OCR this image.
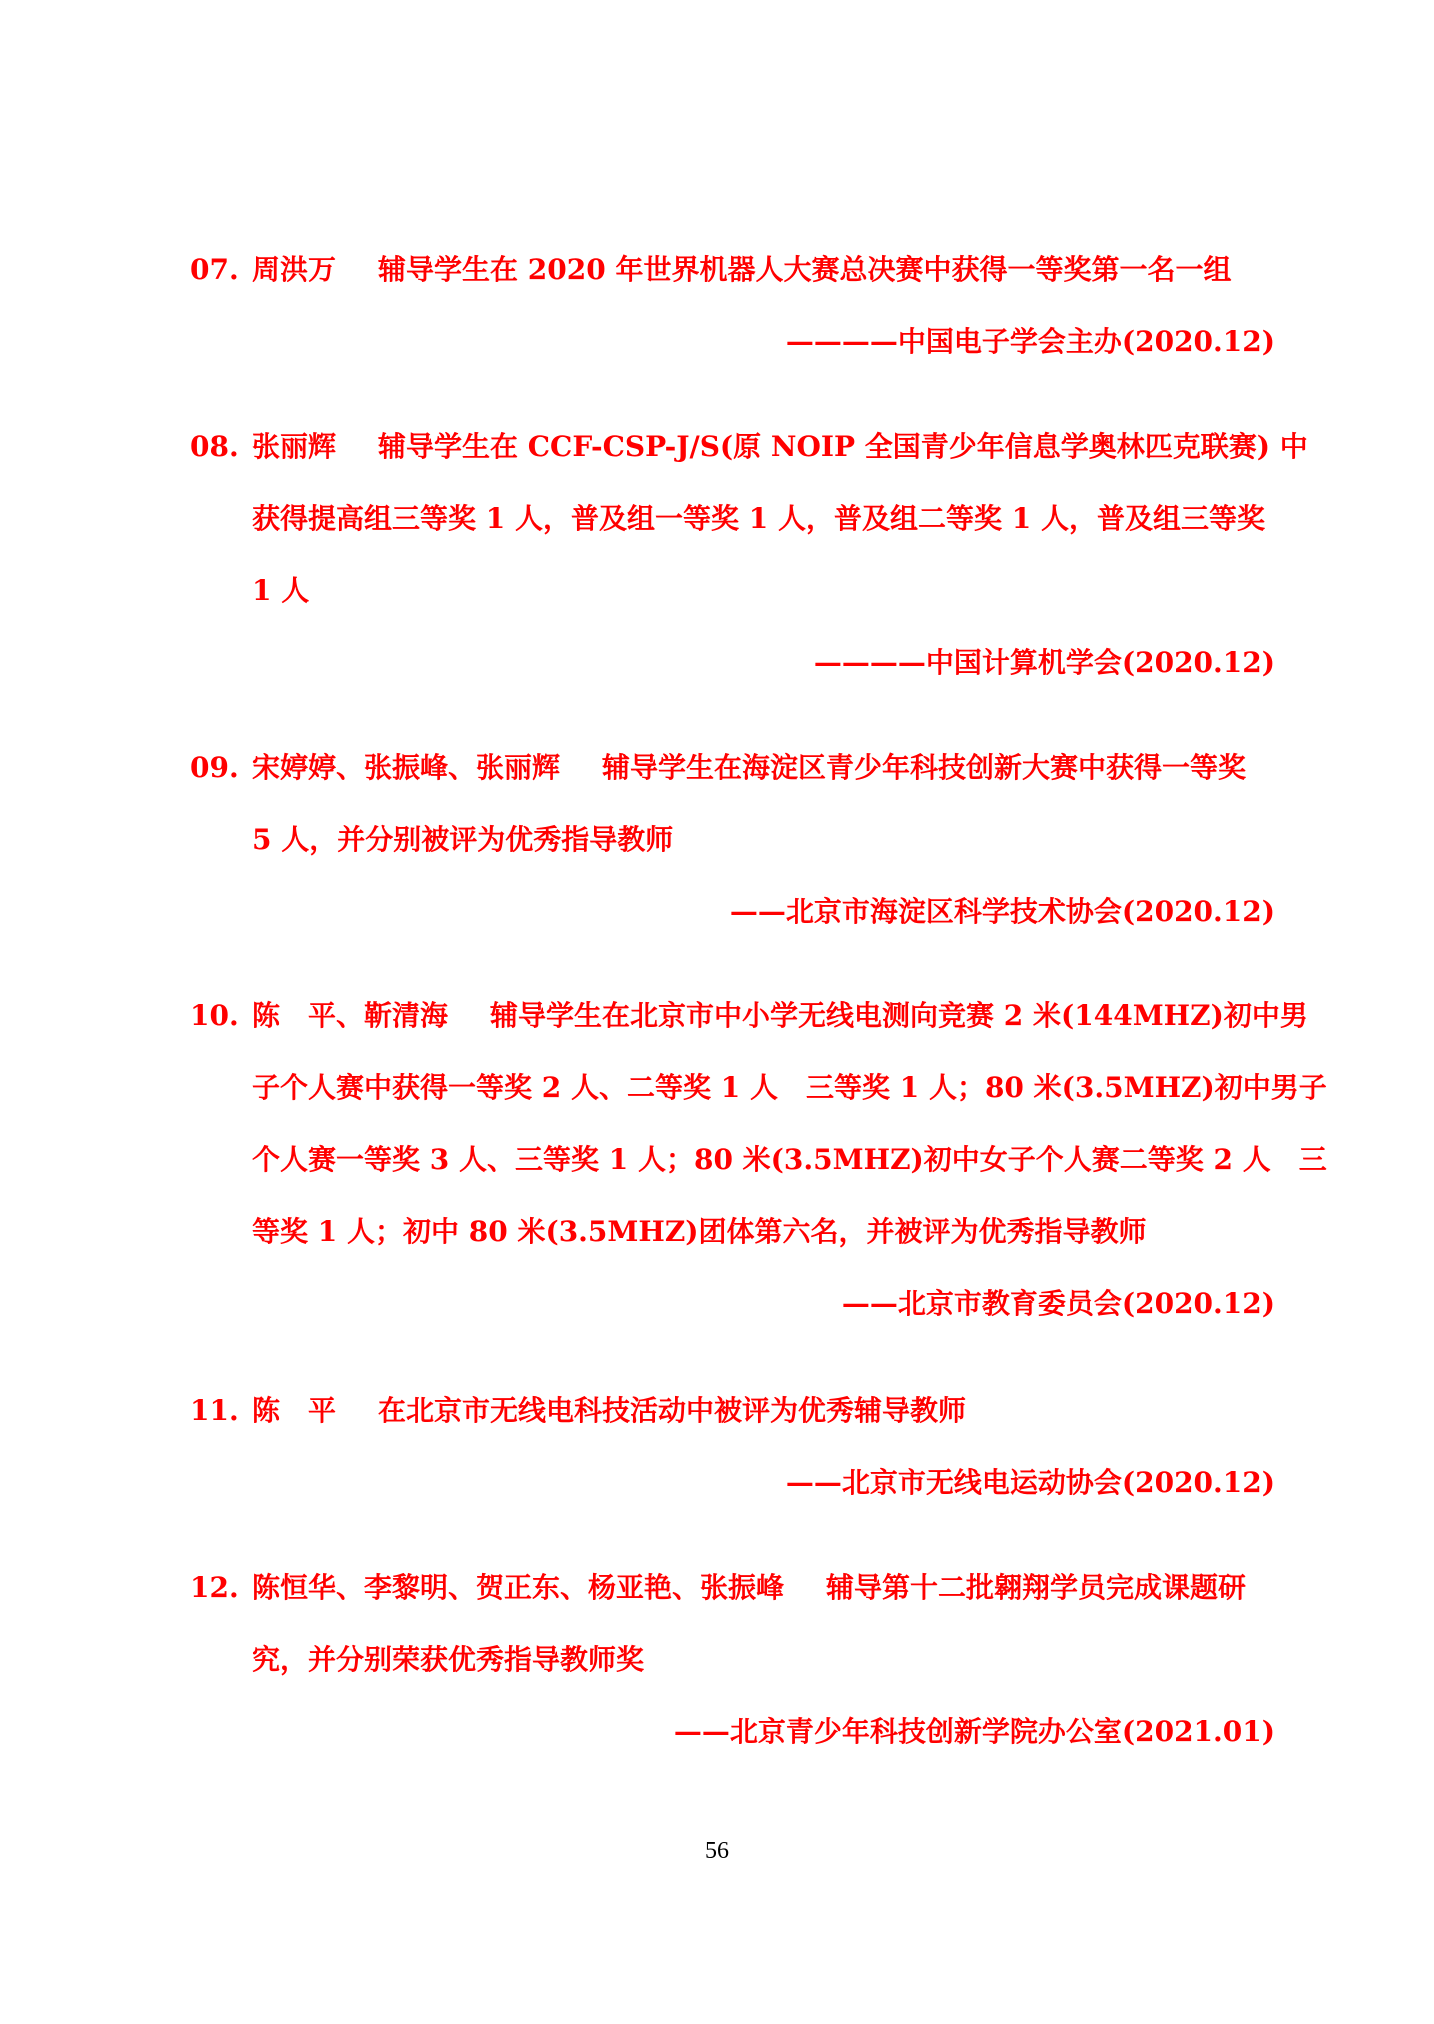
07. 周洪万 辅导学生在 2020 年世界机器人大赛总决赛中获得一等奖第一名一组
————中国电子学会主办(2020.12)
08. 张丽辉 辅导学生在 CCF-CSP-J/S(原 NOIP 全国青少年信息学奥林匹克联赛) 中
获得提高组三等奖 1 人，普及组一等奖 1 人，普及组二等奖 1 人，普及组三等奖
1 人
————中国计算机学会(2020.12)
09. 宋婷婷、张振峰、张丽辉 辅导学生在海淀区青少年科技创新大赛中获得一等奖
5 人，并分别被评为优秀指导教师
——北京市海淀区科学技术协会(2020.12)
10. 陈　平、靳清海 辅导学生在北京市中小学无线电测向竞赛 2 米(144MHZ)初中男
子个人赛中获得一等奖 2 人、二等奖 1 人　三等奖 1 人；80 米(3.5MHZ)初中男子
个人赛一等奖 3 人、三等奖 1 人；80 米(3.5MHZ)初中女子个人赛二等奖 2 人　三
等奖 1 人；初中 80 米(3.5MHZ)团体第六名，并被评为优秀指导教师
——北京市教育委员会(2020.12)
11. 陈　平 在北京市无线电科技活动中被评为优秀辅导教师
——北京市无线电运动协会(2020.12)
12. 陈恒华、李黎明、贺正东、杨亚艳、张振峰 辅导第十二批翱翔学员完成课题研
究，并分别荣获优秀指导教师奖
——北京青少年科技创新学院办公室(2021.01)
56
